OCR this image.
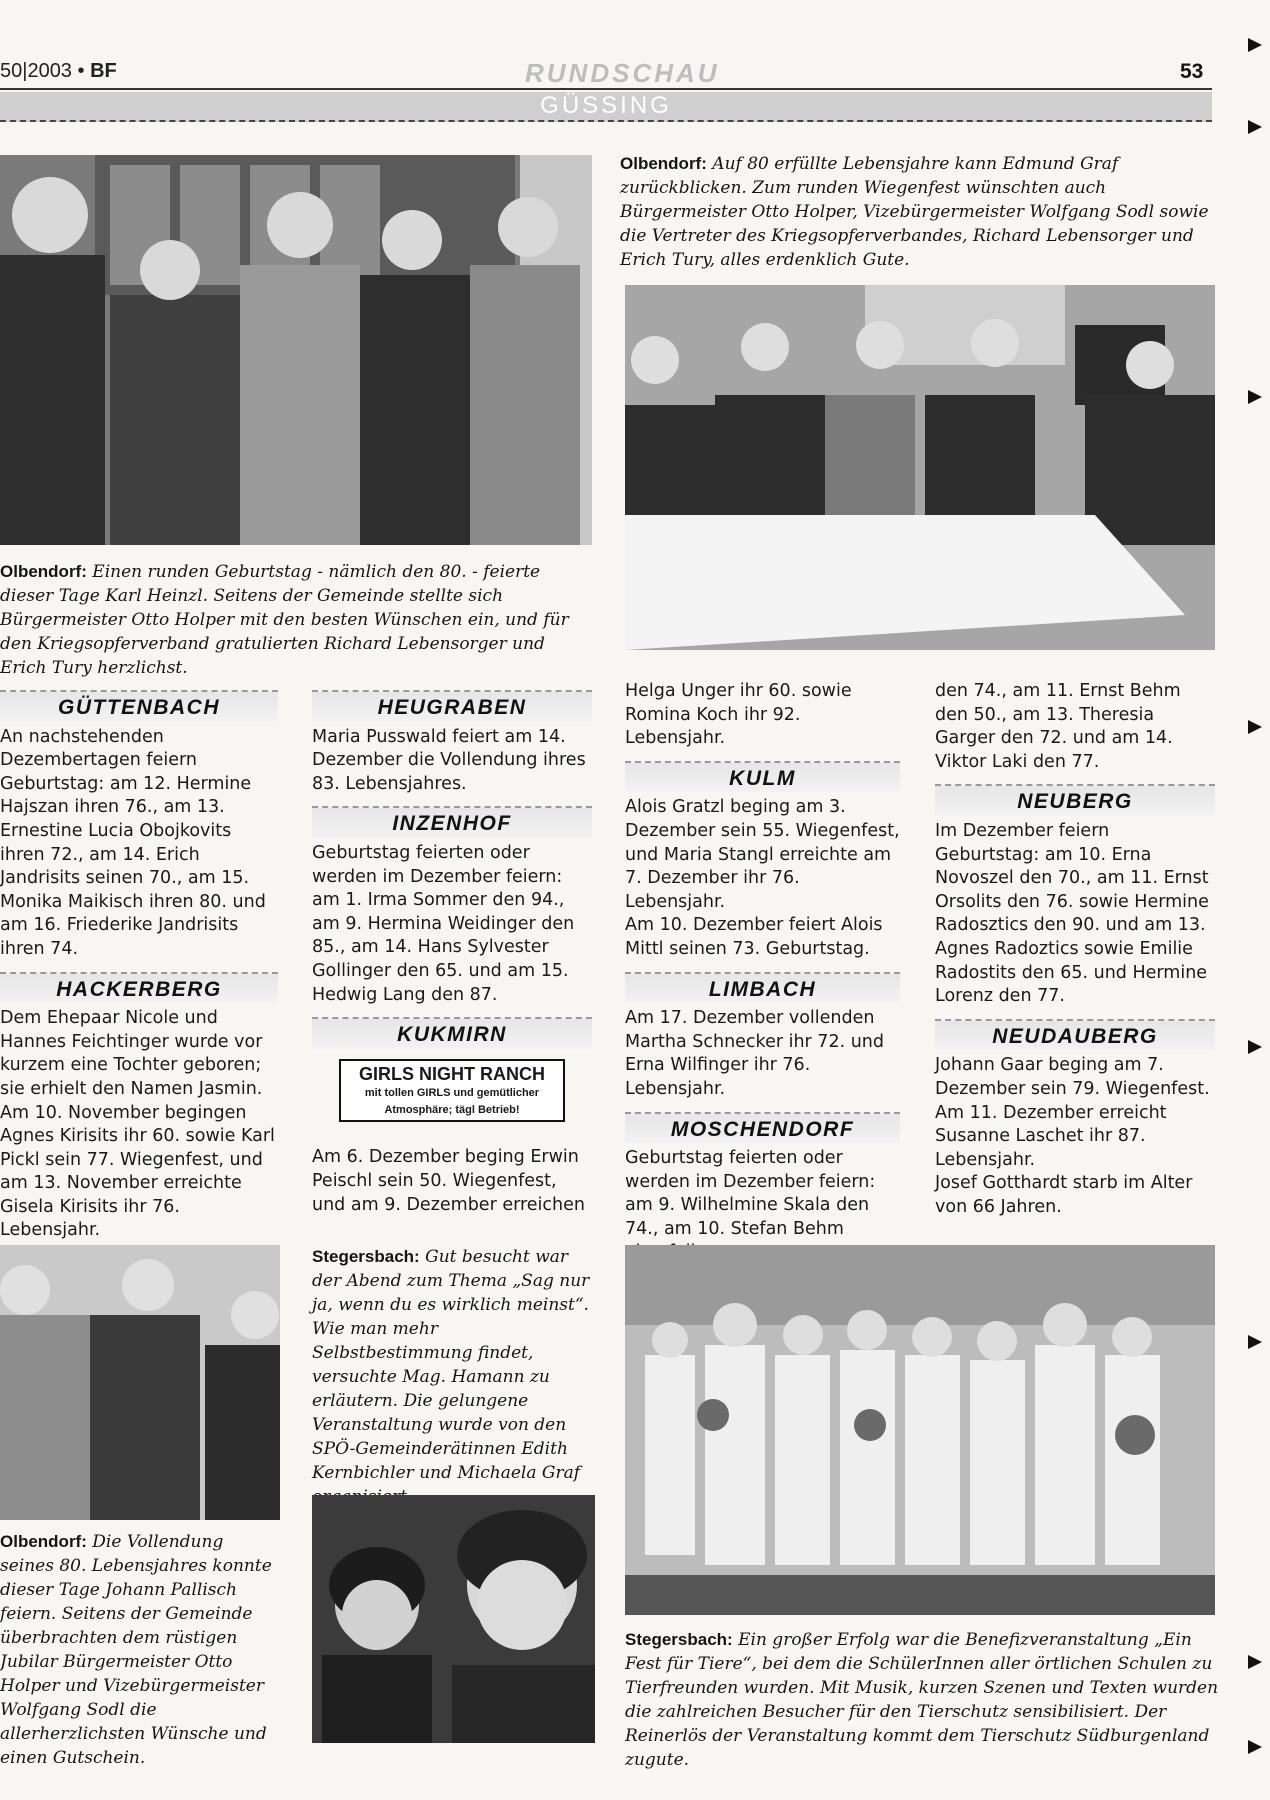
50|2003 • BF	RUNDSCHAU	53
GÜSSING
Olbendorf: Auf 80 erfüllte Lebensjahre kann Edmund Graf zurückblicken. Zum runden Wiegenfest wünschten auch Bürgermeister Otto Holper, Vizebürgermeister Wolfgang Sodl sowie die Vertreter des Kriegsopferverbandes, Richard Lebensorger und Erich Tury, alles erdenklich Gute.
Olbendorf: Einen runden Geburtstag - nämlich den 80. - feierte dieser Tage Karl Heinzl. Seitens der Gemeinde stellte sich Bürgermeister Otto Holper mit den besten Wünschen ein, und für den Kriegsopferverband gratulierten Richard Lebensorger und Erich Tury herzlichst.
GÜTTENBACH

An nachstehenden Dezembertagen feiern Geburtstag: am 12. Hermine Hajszan ihren 76., am 13. Ernestine Lucia Obojkovits ihren 72., am 14. Erich Jandrisits seinen 70., am 15. Monika Maikisch ihren 80. und am 16. Friederike Jandrisits ihren 74.

HACKERBERG

Dem Ehepaar Nicole und Hannes Feichtinger wurde vor kurzem eine Tochter geboren; sie erhielt den Namen Jasmin. Am 10. November begingen Agnes Kirisits ihr 60. sowie Karl Pickl sein 77. Wiegenfest, und am 13. November erreichte Gisela Kirisits ihr 76. Lebensjahr.

HEUGRABEN

Maria Pusswald feiert am 14. Dezember die Vollendung ihres 83. Lebensjahres.

INZENHOF

Geburtstag feierten oder werden im Dezember feiern: am 1. Irma Sommer den 94., am 9. Hermina Weidinger den 85., am 14. Hans Sylvester Gollinger den 65. und am 15. Hedwig Lang den 87.

KUKMIRN
GIRLS NIGHT RANCH
mit tollen GIRLS und gemütlicher
Atmosphäre; tägl Betrieb!

Am 6. Dezember beging Erwin Peischl sein 50. Wiegenfest, und am 9. Dezember erreichen

Helga Unger ihr 60. sowie Romina Koch ihr 92. Lebensjahr.

KULM

Alois Gratzl beging am 3. Dezember sein 55. Wiegenfest, und Maria Stangl erreichte am 7. Dezember ihr 76. Lebensjahr.

Am 10. Dezember feiert Alois Mittl seinen 73. Geburtstag.

LIMBACH

Am 17. Dezember vollenden Martha Schnecker ihr 72. und Erna Wilfinger ihr 76. Lebensjahr.

MOSCHENDORF

Geburtstag feierten oder werden im Dezember feiern: am 9. Wilhelmine Skala den 74., am 10. Stefan Behm

den 74., am 11. Ernst Behm den 50., am 13. Theresia Garger den 72. und am 14. Viktor Laki den 77.

NEUBERG

Im Dezember feiern Geburtstag: am 10. Erna Novoszel den 70., am 11. Ernst Orsolits den 76. sowie Hermine Radosztics den 90. und am 13. Agnes Radoztics sowie Emilie Radostits den 65. und Hermine Lorenz den 77.

NEUDAUBERG

Johann Gaar beging am 7. Dezember sein 79. Wiegenfest. Am 11. Dezember erreicht Susanne Laschet ihr 87. Lebensjahr.

Josef Gotthardt starb im Alter von 66 Jahren.

Olbendorf: Die Vollendung seines 80. Lebensjahres konnte dieser Tage Johann Pallisch feiern. Seitens der Gemeinde überbrachten dem rüstigen Jubilar Bürgermeister Otto Holper und Vizebürgermeister Wolfgang Sodl die allerherzlichsten Wünsche und einen Gutschein.
Stegersbach: Gut besucht war der Abend zum Thema „Sag nur ja, wenn du es wirklich meinst“. Wie man mehr Selbstbestimmung findet, versuchte Mag. Hamann zu erläutern. Die gelungene Veranstaltung wurde von den SPÖ-Gemeinderätinnen Edith Kernbichler und Michaela Graf
Stegersbach: Ein großer Erfolg war die Benefizveranstaltung „Ein Fest für Tiere“, bei dem die SchülerInnen aller örtlichen Schulen zu Tierfreunden wurden. Mit Musik, kurzen Szenen und Texten wurden die zahlreichen Besucher für den Tierschutz sensibilisiert. Der Reinerlös der Veranstaltung kommt dem Tierschutz Südburgenland zugute.
